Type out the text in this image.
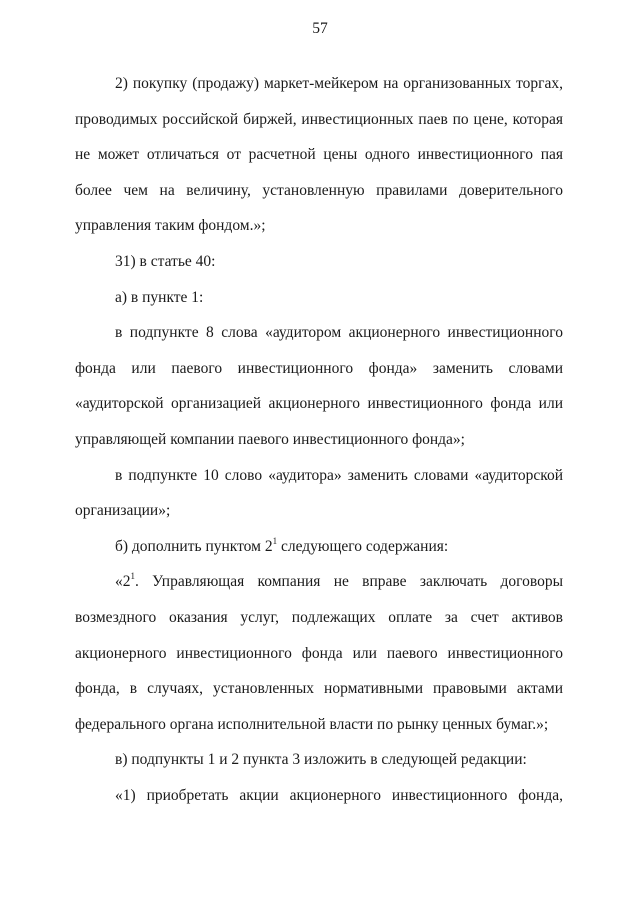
57

2) покупку (продажу) маркет-мейкером на организованных торгах, проводимых российской биржей, инвестиционных паев по цене, которая не может отличаться от расчетной цены одного инвестиционного пая более чем на величину, установленную правилами доверительного управления таким фондом.»;

31) в статье 40:

а) в пункте 1:

в подпункте 8 слова «аудитором акционерного инвестиционного фонда или паевого инвестиционного фонда» заменить словами «аудиторской организацией акционерного инвестиционного фонда или управляющей компании паевого инвестиционного фонда»;

в подпункте 10 слово «аудитора» заменить словами «аудиторской организации»;

б) дополнить пунктом $2^1$ следующего содержания:

«$2^1$. Управляющая компания не вправе заключать договоры возмездного оказания услуг, подлежащих оплате за счет активов акционерного инвестиционного фонда или паевого инвестиционного фонда, в случаях, установленных нормативными правовыми актами федерального органа исполнительной власти по рынку ценных бумаг.»;

в) подпункты 1 и 2 пункта 3 изложить в следующей редакции:

«1) приобретать акции акционерного инвестиционного фонда,
